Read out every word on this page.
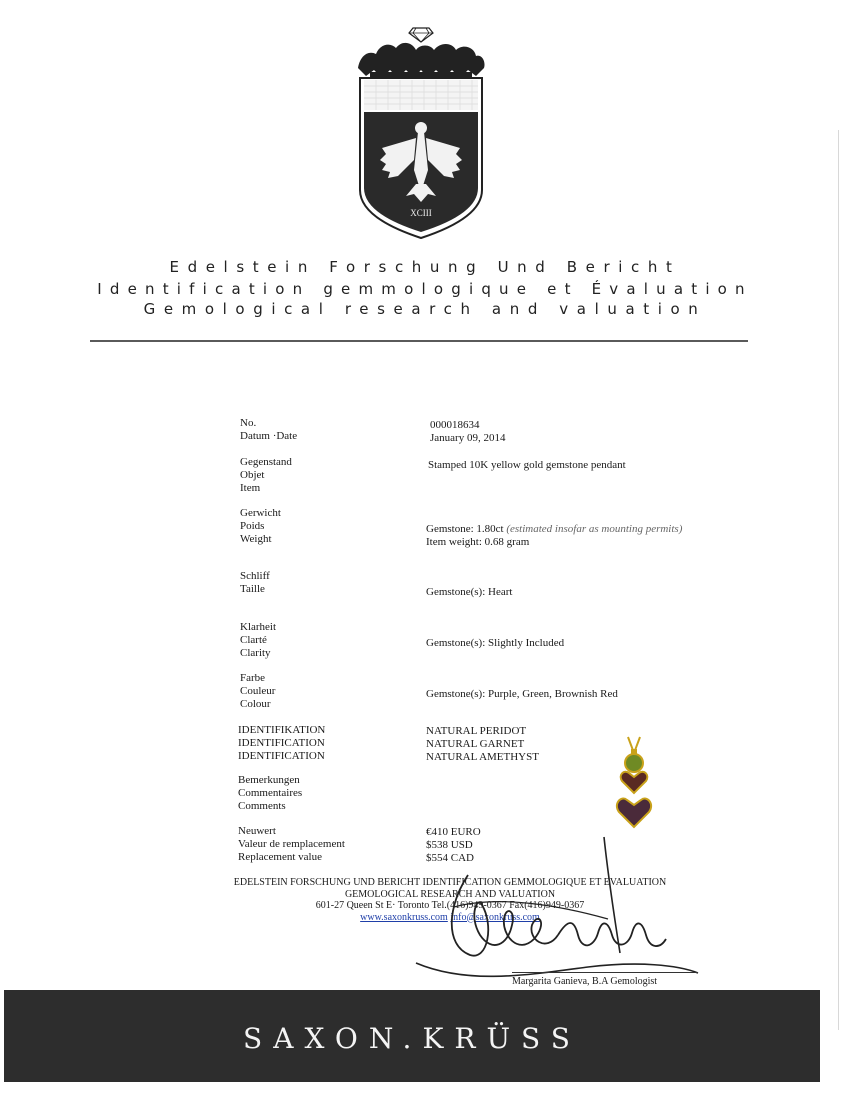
XCIII
Edelstein Forschung Und Bericht
Identification gemmologique et Évaluation
Gemological research and valuation
No.
Datum ·Date
000018634
January 09, 2014
Gegenstand
Objet
Item
Stamped 10K yellow gold gemstone pendant
Gerwicht
Poids
Weight
Gemstone: 1.80ct (estimated insofar as mounting permits)
Item weight: 0.68 gram
Schliff
Taille	Gemstone(s): Heart
Klarheit
Clarté
Clarity
Gemstone(s): Slightly Included
Farbe
Couleur
Colour
Gemstone(s): Purple, Green, Brownish Red
IDENTIFIKATION
IDENTIFICATION
IDENTIFICATION
NATURAL PERIDOT
NATURAL GARNET
NATURAL AMETHYST
Bemerkungen
Commentaires
Comments
Neuwert
Valeur de remplacement
Replacement value
€410 EURO
$538 USD
$554 CAD
EDELSTEIN FORSCHUNG UND BERICHT IDENTIFICATION GEMMOLOGIQUE ET EVALUATION
GEMOLOGICAL RESEARCH AND VALUATION
601-27 Queen St E· Toronto Tel.(416)949-0367 Fax(416)949-0367
www.saxonkruss.com info@saxonkruss.com
Margarita Ganieva, B.A Gemologist
SAXON.KRÜSS
